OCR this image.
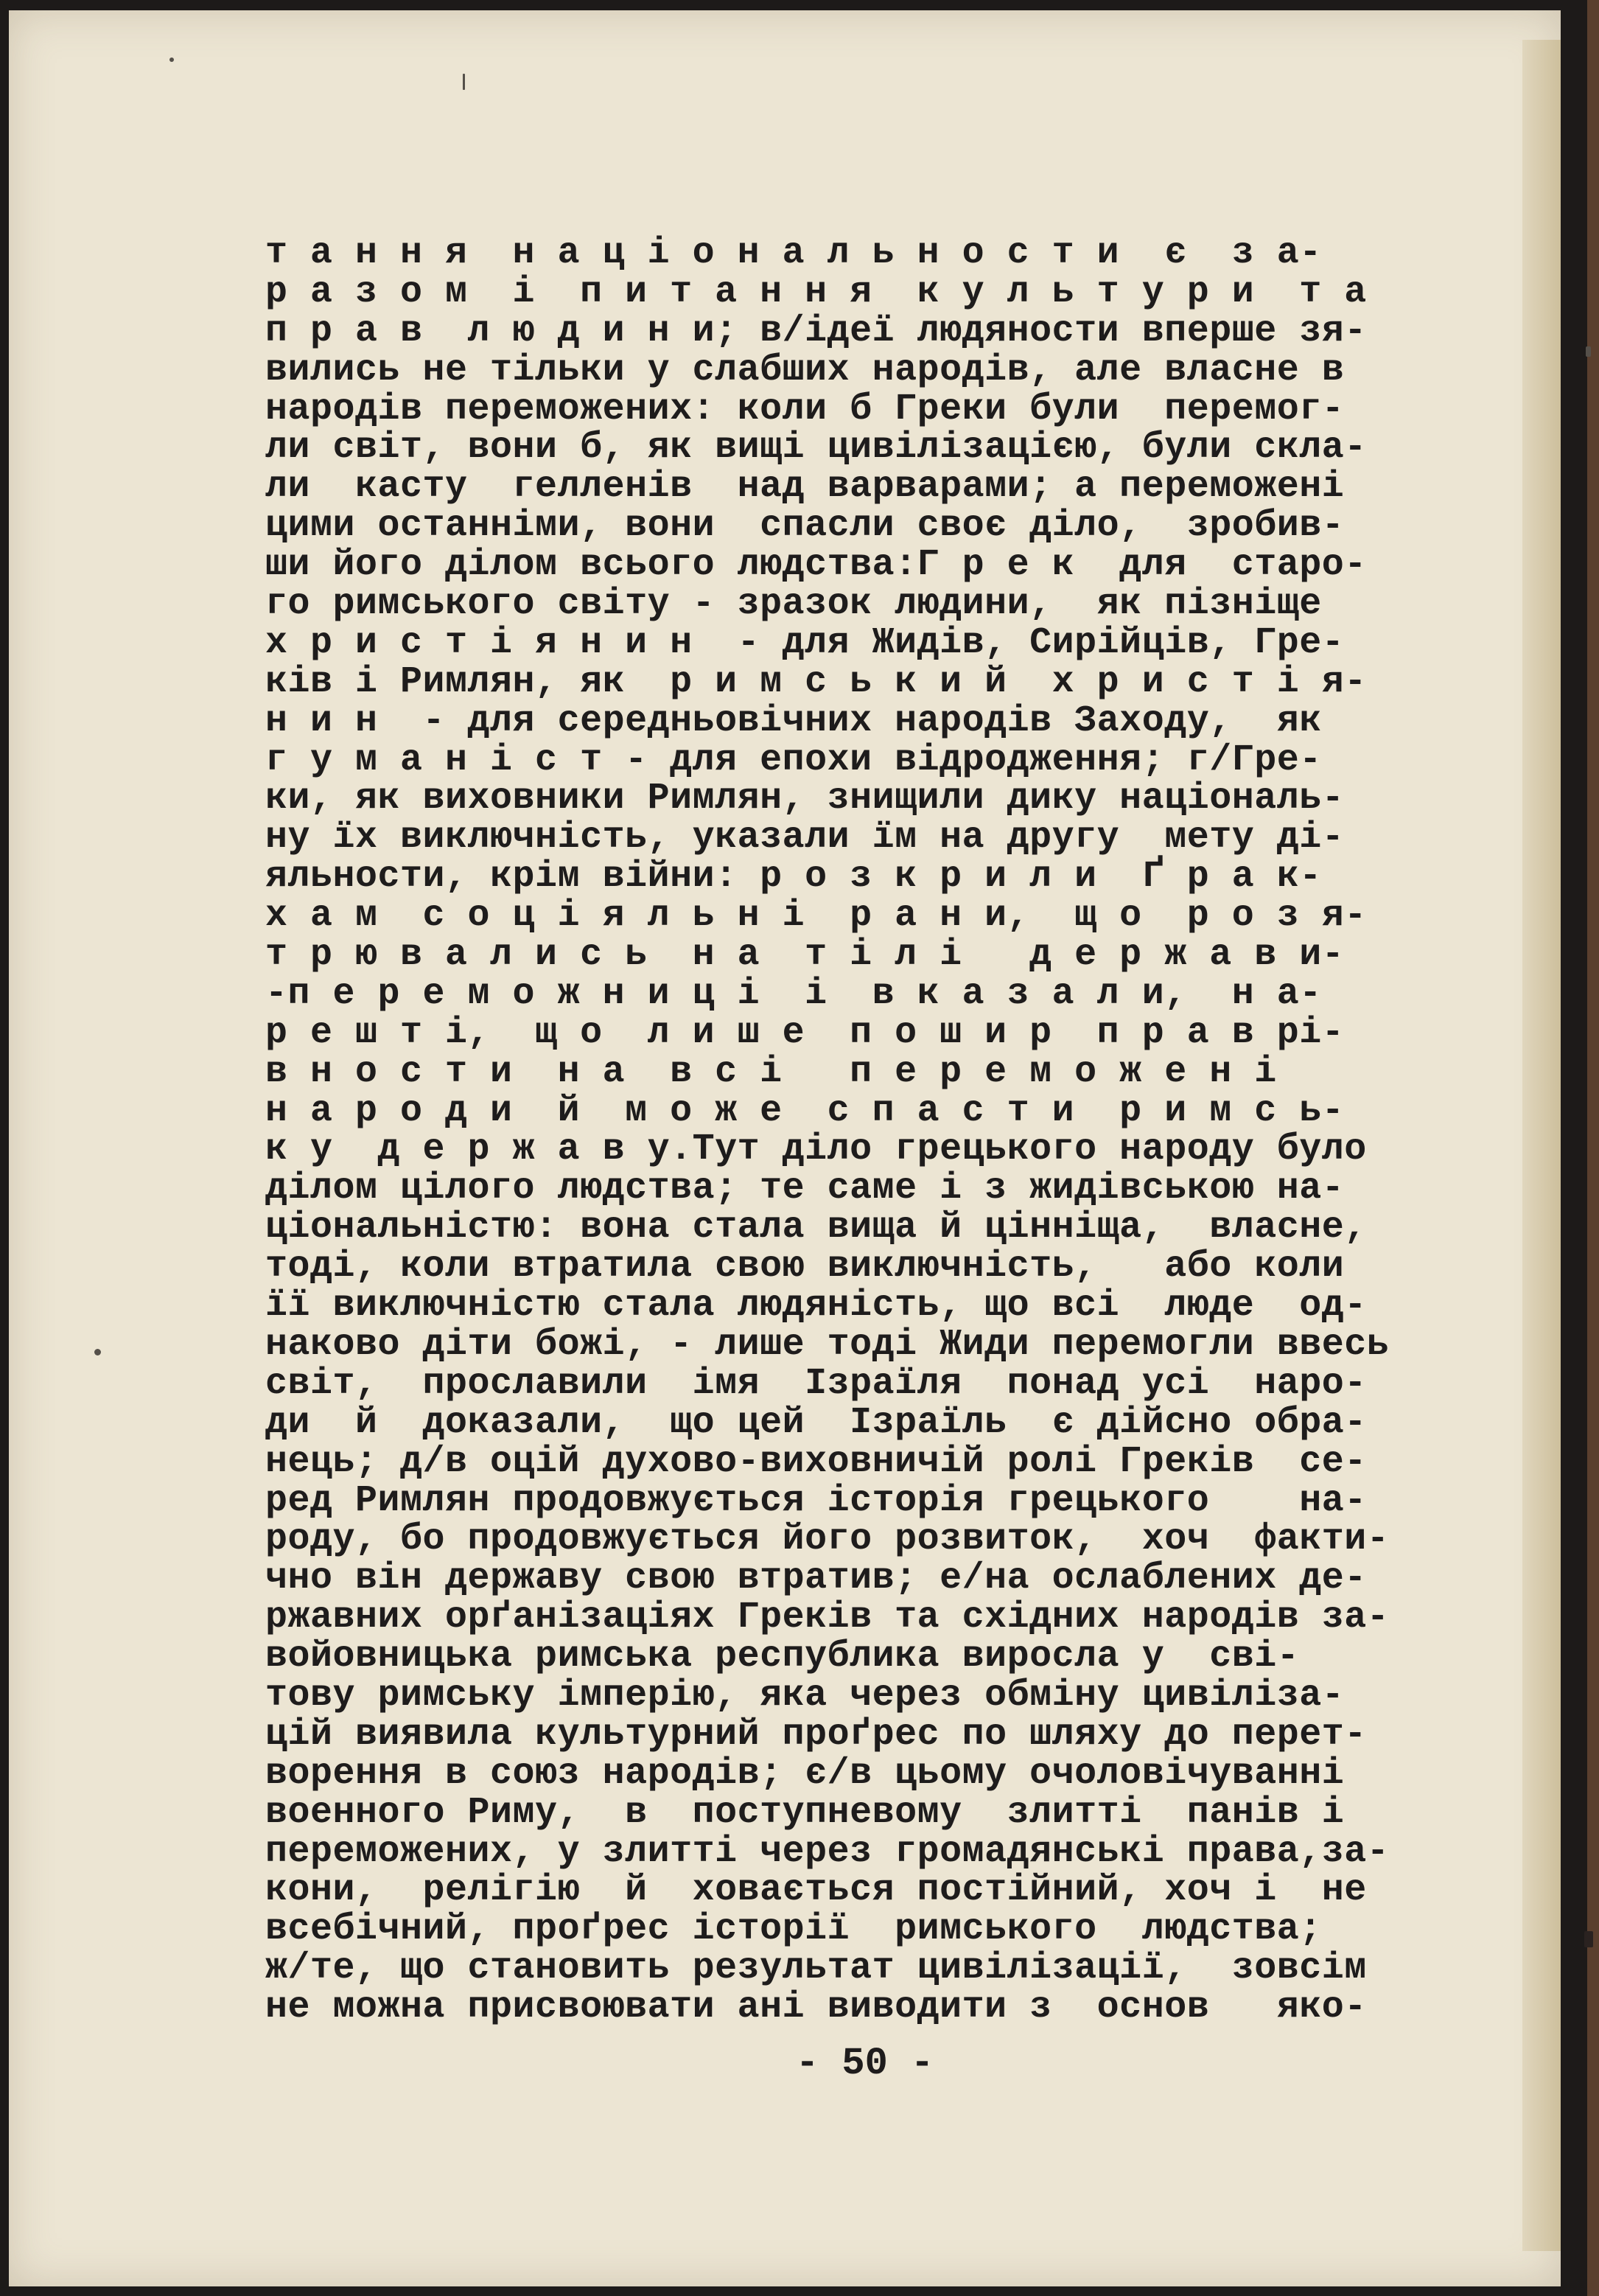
т а н н я  н а ц і о н а л ь н о с т и  є  з а-
р а з о м  і  п и т а н н я  к у л ь т у р и  т а
п р а в  л ю д и н и; в/ідеї людяности вперше зя-
вились не тільки у слабших народів, але власне в
народів переможених: коли б Греки були  перемог-
ли світ, вони б, як вищі цивілізацією, були скла-
ли  касту  гелленів  над варварами; а переможені
цими останніми, вони  спасли своє діло,  зробив-
ши його ділом всього людства:Г р е к  для  старо-
го римського світу - зразок людини,  як пізніще
х р и с т і я н и н  - для Жидів, Сирійців, Гре-
ків і Римлян, як  р и м с ь к и й  х р и с т і я-
н и н  - для середньовічних народів Заходу,  як
г у м а н і с т - для епохи відродження; г/Гре-
ки, як виховники Римлян, знищили дику національ-
ну їх виключність, указали їм на другу  мету ді-
яльности, крім війни: р о з к р и л и  Ґ р а к-
х а м  с о ц і я л ь н і  р а н и,  щ о  р о з я-
т р ю в а л и с ь  н а  т і л і   д е р ж а в и-
-п е р е м о ж н и ц і  і  в к а з а л и,  н а-
р е ш т і,  щ о  л и ш е  п о ш и р  п р а в рі-
в н о с т и  н а  в с і   п е р е м о ж е н і
н а р о д и  й  м о ж е  с п а с т и  р и м с ь-
к у  д е р ж а в у.Тут діло грецького народу було
ділом цілого людства; те саме і з жидівською на-
ціональністю: вона стала вища й цінніща,  власне,
тоді, коли втратила свою виключність,   або коли
її виключністю стала людяність, що всі  люде  од-
наково діти божі, - лише тоді Жиди перемогли ввесь
світ,  прославили  імя  Ізраїля  понад усі  наро-
ди  й  доказали,  що цей  Ізраїль  є дійсно обра-
нець; д/в оцій духово-виховничій ролі Греків  се-
ред Римлян продовжується історія грецького    на-
роду, бо продовжується його розвиток,  хоч  факти-
чно він державу свою втратив; е/на ослаблених де-
ржавних орґанізаціях Греків та східних народів за-
войовницька римська республика виросла у  сві-
тову римську імперію, яка через обміну цивіліза-
цій виявила культурний проґрес по шляху до перет-
ворення в союз народів; є/в цьому очоловічуванні
военного Риму,  в  поступневому  злитті  панів і
переможених, у злитті через громадянські права,за-
кони,  релігію  й  ховається постійний, хоч і  не
всебічний, проґрес історії  римського  людства;
ж/те, що становить результат цивілізації,  зовсім
не можна присвоювати ані виводити з  основ   яко-
- 50 -
